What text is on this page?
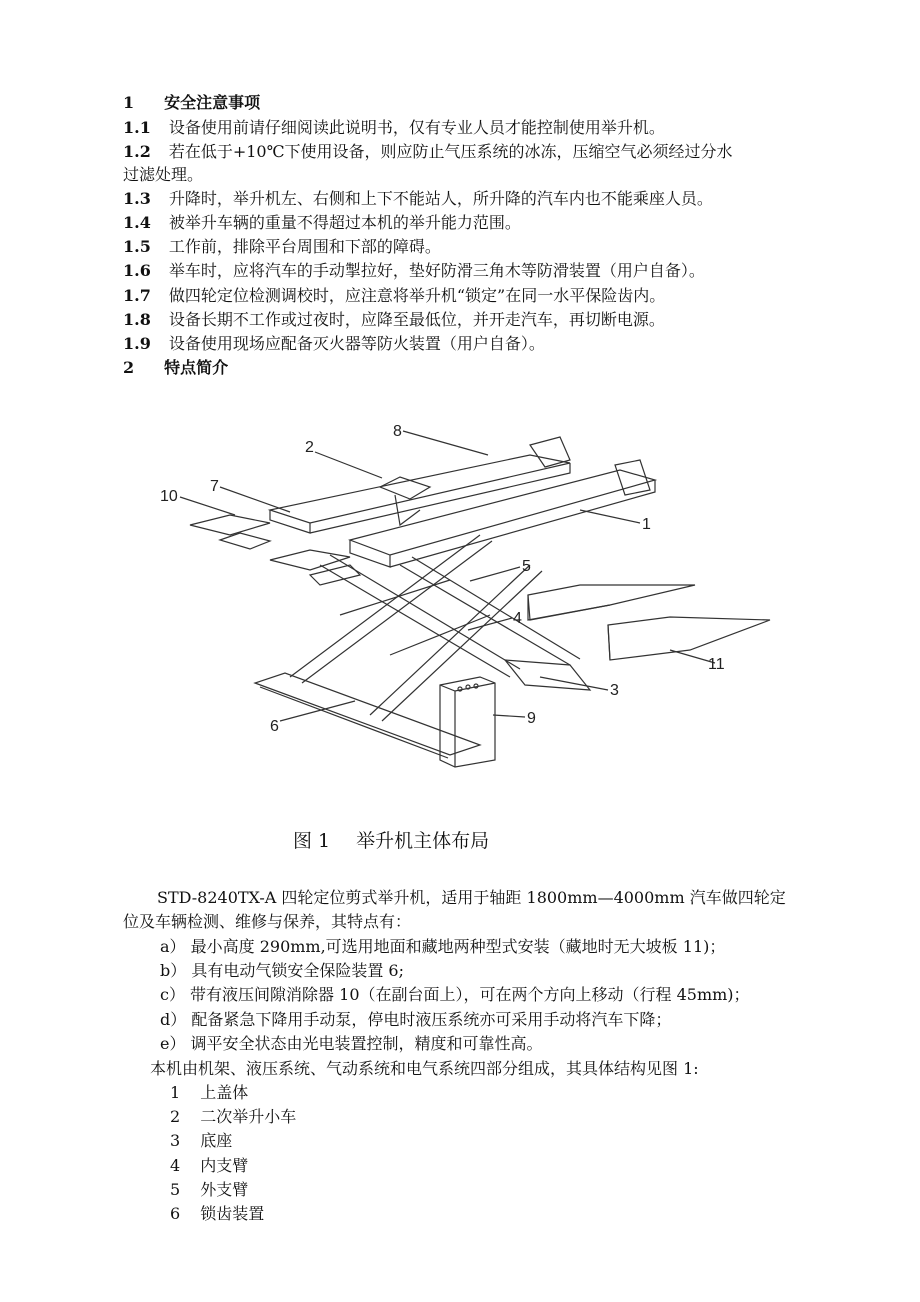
1 安全注意事项
1.1 设备使用前请仔细阅读此说明书，仅有专业人员才能控制使用举升机。
1.2 若在低于+10℃下使用设备，则应防止气压系统的冰冻，压缩空气必须经过分水
过滤处理。
1.3 升降时，举升机左、右侧和上下不能站人，所升降的汽车内也不能乘座人员。
1.4 被举升车辆的重量不得超过本机的举升能力范围。
1.5 工作前，排除平台周围和下部的障碍。
1.6 举车时，应将汽车的手动掣拉好，垫好防滑三角木等防滑装置（用户自备）。
1.7 做四轮定位检测调校时，应注意将举升机“锁定”在同一水平保险齿内。
1.8 设备长期不工作或过夜时，应降至最低位，并开走汽车，再切断电源。
1.9 设备使用现场应配备灭火器等防火装置（用户自备）。
2 特点简介
1
2
3
4
5
6
7
8
9
10
11
图 1 举升机主体布局
STD-8240TX-A 四轮定位剪式举升机，适用于轴距 1800mm—4000mm 汽车做四轮定
位及车辆检测、维修与保养，其特点有：
a） 最小高度 290mm,可选用地面和藏地两种型式安装（藏地时无大坡板 11)；
b） 具有电动气锁安全保险装置 6;
c） 带有液压间隙消除器 10（在副台面上），可在两个方向上移动（行程 45mm)；
d） 配备紧急下降用手动泵，停电时液压系统亦可采用手动将汽车下降；
e） 调平安全状态由光电装置控制，精度和可靠性高。
本机由机架、液压系统、气动系统和电气系统四部分组成，其具体结构见图 1:
1 上盖体
2 二次举升小车
3 底座
4 内支臂
5 外支臂
6 锁齿装置
